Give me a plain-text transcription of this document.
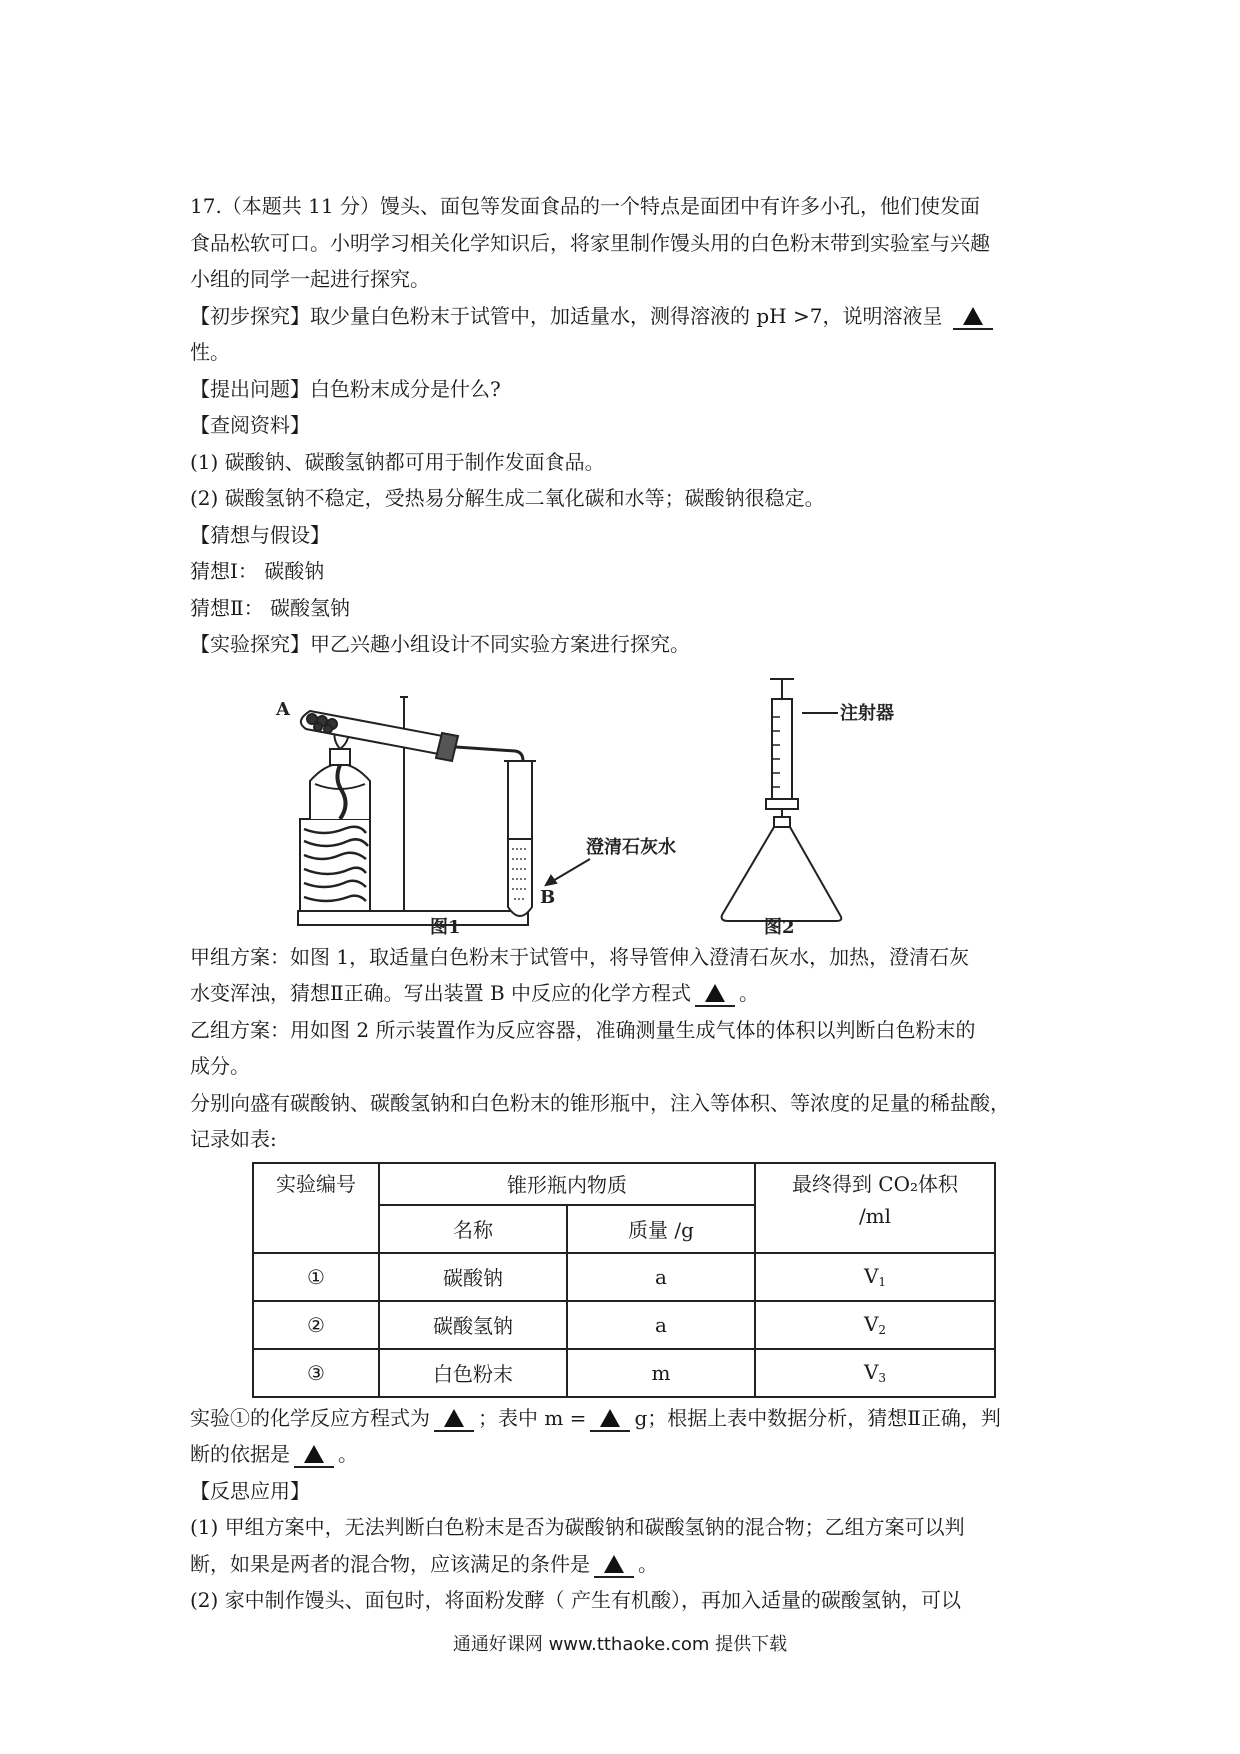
17.（本题共 11 分）馒头、面包等发面食品的一个特点是面团中有许多小孔，他们使发面
食品松软可口。小明学习相关化学知识后，将家里制作馒头用的白色粉末带到实验室与兴趣
小组的同学一起进行探究。
【初步探究】取少量白色粉末于试管中，加适量水，测得溶液的 pH >7，说明溶液呈
性。
【提出问题】白色粉末成分是什么?
【查阅资料】
(1) 碳酸钠、碳酸氢钠都可用于制作发面食品。
(2) 碳酸氢钠不稳定，受热易分解生成二氧化碳和水等；碳酸钠很稳定。
【猜想与假设】
猜想Ⅰ： 碳酸钠
猜想Ⅱ： 碳酸氢钠
【实验探究】甲乙兴趣小组设计不同实验方案进行探究。
A
B
澄清石灰水
图1
注射器
图2
甲组方案：如图 1，取适量白色粉末于试管中，将导管伸入澄清石灰水，加热，澄清石灰
水变浑浊，猜想Ⅱ正确。写出装置 B 中反应的化学方程式 。
乙组方案：用如图 2 所示装置作为反应容器，准确测量生成气体的体积以判断白色粉末的
成分。
分别向盛有碳酸钠、碳酸氢钠和白色粉末的锥形瓶中，注入等体积、等浓度的足量的稀盐酸，
记录如表:
实验编号	锥形瓶内物质		最终得到 CO₂体积
/ml

	名称	质量 /g	
①	碳酸钠	a	$V_1$
②	碳酸氢钠	a	$V_2$
③	白色粉末	m	$V_3$
实验①的化学反应方程式为 ；表中 m = g；根据上表中数据分析，猜想Ⅱ正确，判
断的依据是 。
【反思应用】
(1) 甲组方案中，无法判断白色粉末是否为碳酸钠和碳酸氢钠的混合物；乙组方案可以判
断，如果是两者的混合物，应该满足的条件是 。
(2) 家中制作馒头、面包时，将面粉发酵（ 产生有机酸），再加入适量的碳酸氢钠，可以
通通好课网 www.tthaoke.com 提供下载
